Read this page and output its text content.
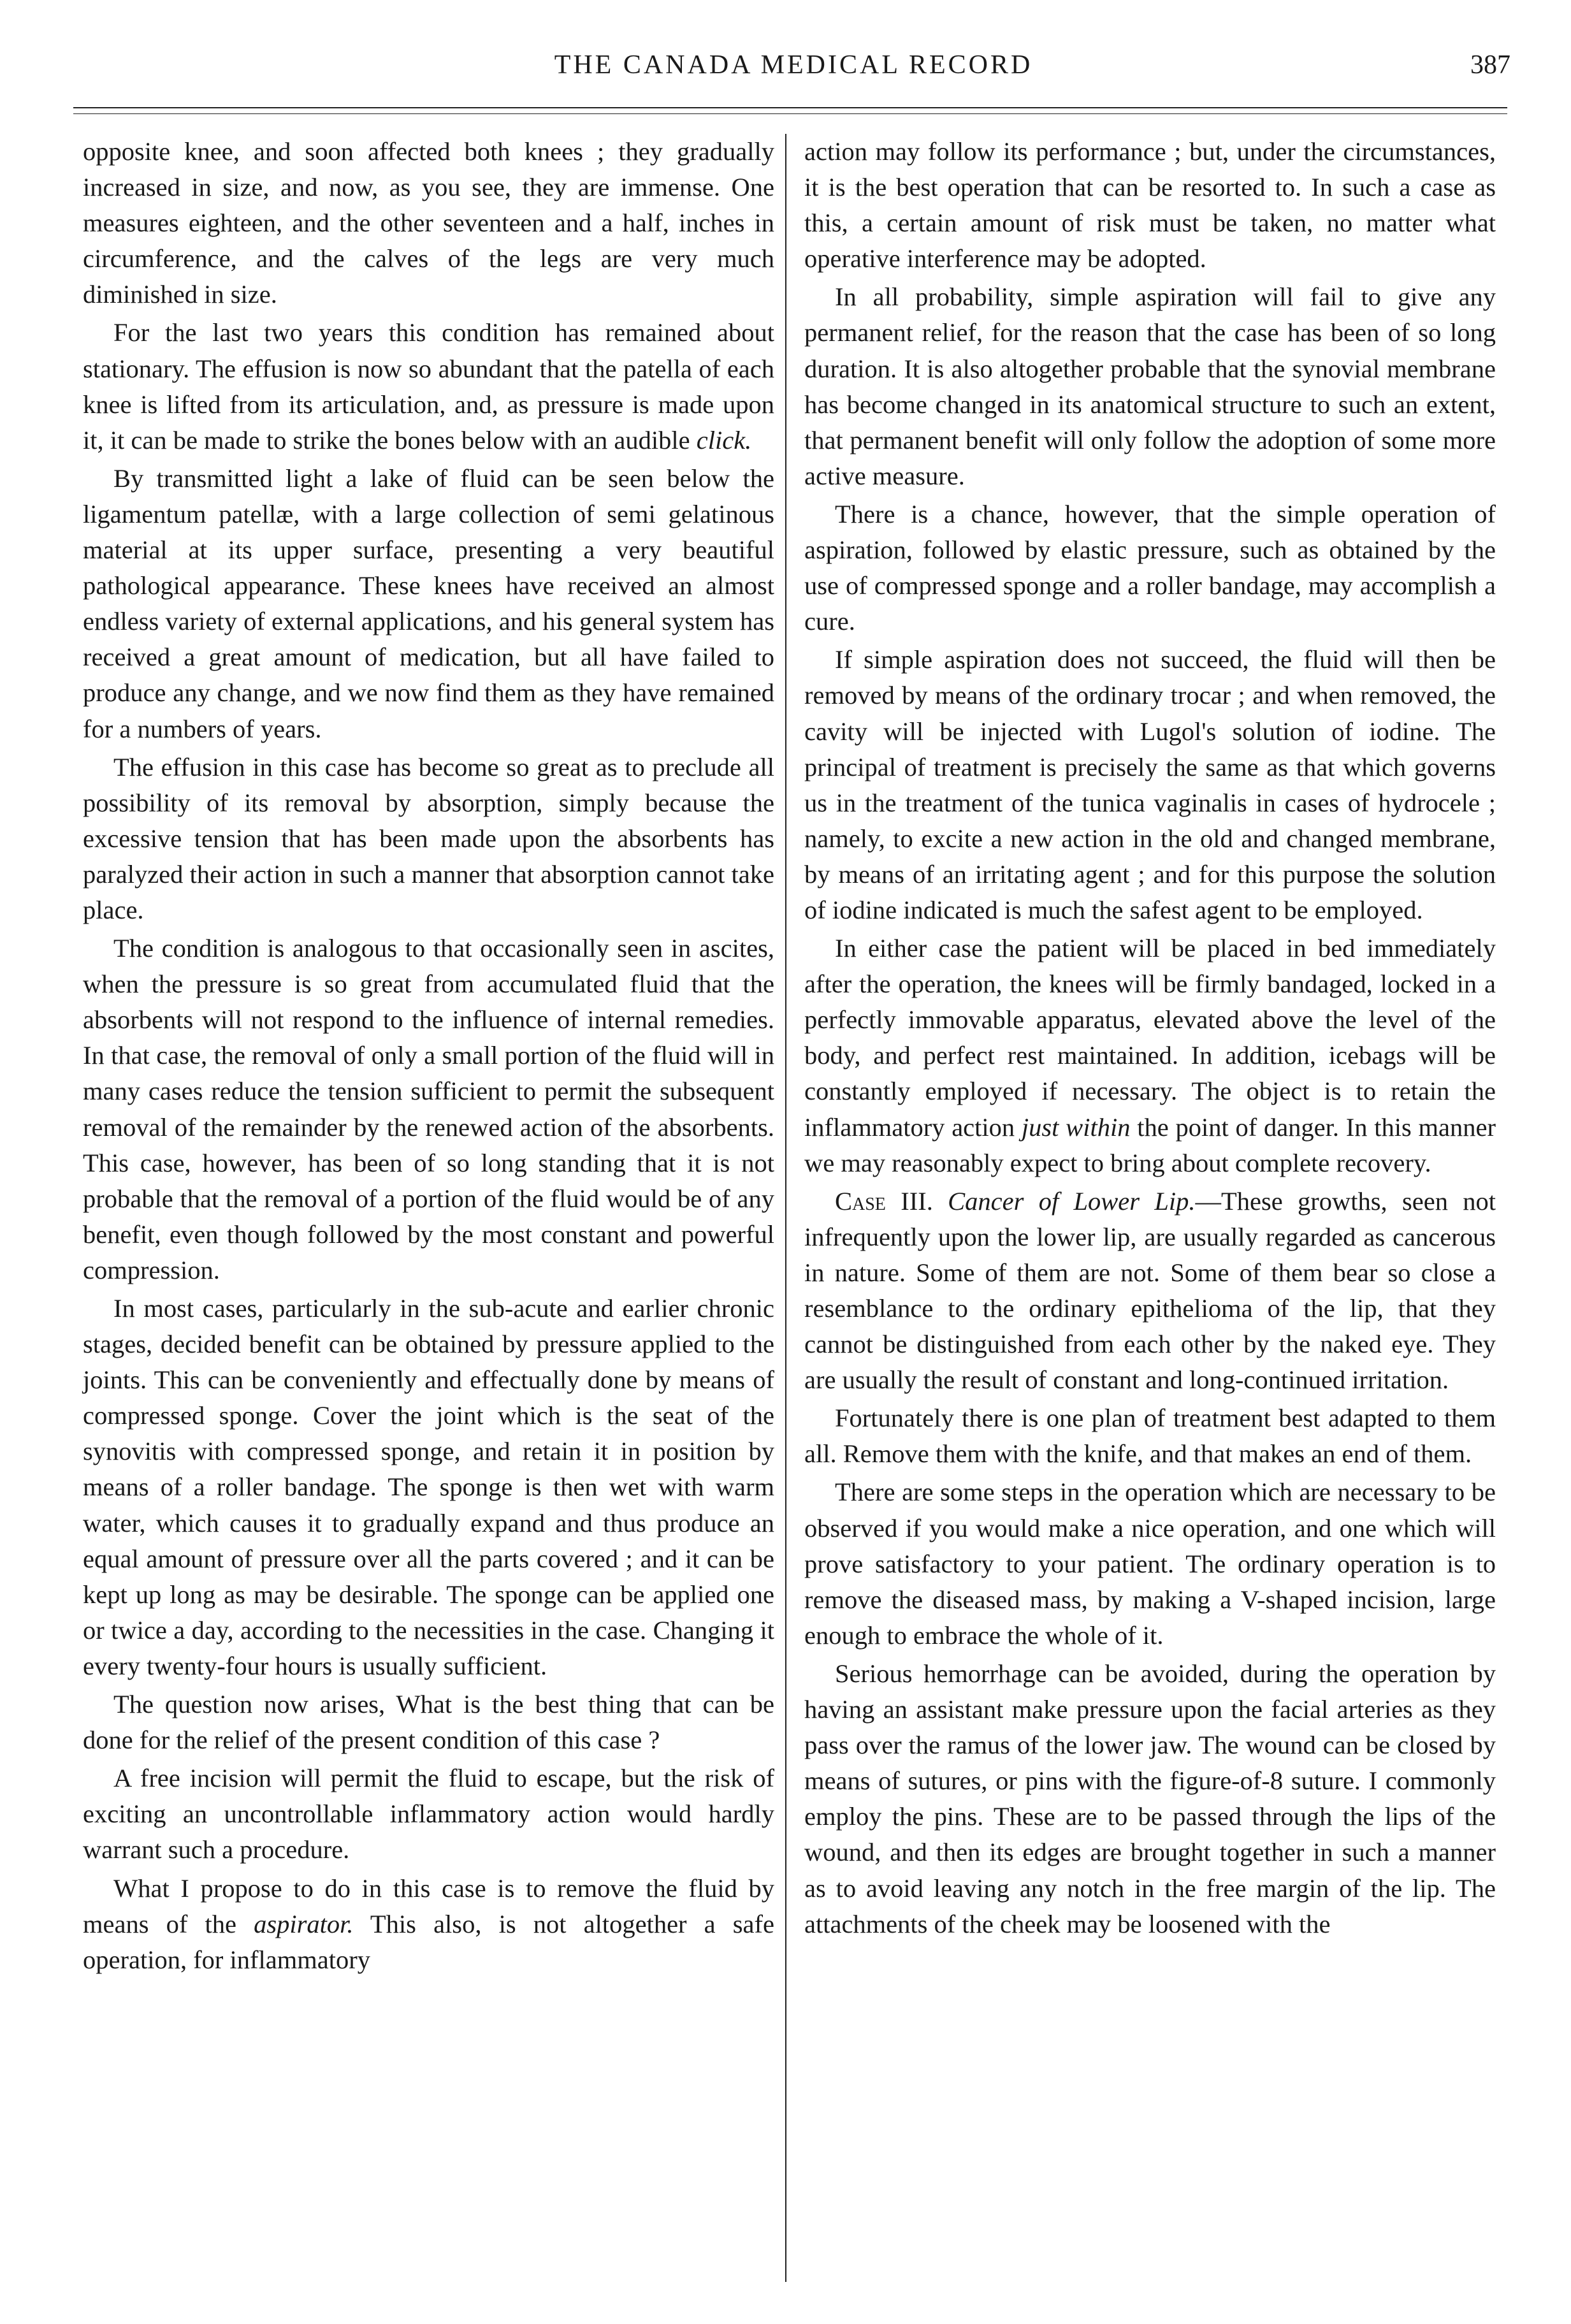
THE CANADA MEDICAL RECORD	387

opposite knee, and soon affected both knees ; they gradually increased in size, and now, as you see, they are immense. One measures eighteen, and the other seventeen and a half, inches in circumference, and the calves of the legs are very much diminished in size.

For the last two years this condition has remained about stationary. The effusion is now so abundant that the patella of each knee is lifted from its articulation, and, as pressure is made upon it, it can be made to strike the bones below with an audible click.

By transmitted light a lake of fluid can be seen below the ligamentum patellæ, with a large collection of semi gelatinous material at its upper surface, presenting a very beautiful pathological appearance. These knees have received an almost endless variety of external applications, and his general system has received a great amount of medication, but all have failed to produce any change, and we now find them as they have remained for a numbers of years.

The effusion in this case has become so great as to preclude all possibility of its removal by absorption, simply because the excessive tension that has been made upon the absorbents has paralyzed their action in such a manner that absorption cannot take place.

The condition is analogous to that occasionally seen in ascites, when the pressure is so great from accumulated fluid that the absorbents will not respond to the influence of internal remedies. In that case, the removal of only a small portion of the fluid will in many cases reduce the tension sufficient to permit the subsequent removal of the remainder by the renewed action of the absorbents. This case, however, has been of so long standing that it is not probable that the removal of a portion of the fluid would be of any benefit, even though followed by the most constant and powerful compression.

In most cases, particularly in the sub-acute and earlier chronic stages, decided benefit can be obtained by pressure applied to the joints. This can be conveniently and effectually done by means of compressed sponge. Cover the joint which is the seat of the synovitis with compressed sponge, and retain it in position by means of a roller bandage. The sponge is then wet with warm water, which causes it to gradually expand and thus produce an equal amount of pressure over all the parts covered ; and it can be kept up long as may be desirable. The sponge can be applied one or twice a day, according to the necessities in the case. Changing it every twenty-four hours is usually sufficient.

The question now arises, What is the best thing that can be done for the relief of the present condition of this case ?

A free incision will permit the fluid to escape, but the risk of exciting an uncontrollable inflammatory action would hardly warrant such a procedure.

What I propose to do in this case is to remove the fluid by means of the aspirator. This also, is not altogether a safe operation, for inflammatory

action may follow its performance ; but, under the circumstances, it is the best operation that can be resorted to. In such a case as this, a certain amount of risk must be taken, no matter what operative interference may be adopted.

In all probability, simple aspiration will fail to give any permanent relief, for the reason that the case has been of so long duration. It is also altogether probable that the synovial membrane has become changed in its anatomical structure to such an extent, that permanent benefit will only follow the adoption of some more active measure.

There is a chance, however, that the simple operation of aspiration, followed by elastic pressure, such as obtained by the use of compressed sponge and a roller bandage, may accomplish a cure.

If simple aspiration does not succeed, the fluid will then be removed by means of the ordinary trocar ; and when removed, the cavity will be injected with Lugol's solution of iodine. The principal of treatment is precisely the same as that which governs us in the treatment of the tunica vaginalis in cases of hydrocele ; namely, to excite a new action in the old and changed membrane, by means of an irritating agent ; and for this purpose the solution of iodine indicated is much the safest agent to be employed.

In either case the patient will be placed in bed immediately after the operation, the knees will be firmly bandaged, locked in a perfectly immovable apparatus, elevated above the level of the body, and perfect rest maintained. In addition, icebags will be constantly employed if necessary. The object is to retain the inflammatory action just within the point of danger. In this manner we may reasonably expect to bring about complete recovery.

Case III. Cancer of Lower Lip.—These growths, seen not infrequently upon the lower lip, are usually regarded as cancerous in nature. Some of them are not. Some of them bear so close a resemblance to the ordinary epithelioma of the lip, that they cannot be distinguished from each other by the naked eye. They are usually the result of constant and long-continued irritation.

Fortunately there is one plan of treatment best adapted to them all. Remove them with the knife, and that makes an end of them.

There are some steps in the operation which are necessary to be observed if you would make a nice operation, and one which will prove satisfactory to your patient. The ordinary operation is to remove the diseased mass, by making a V-shaped incision, large enough to embrace the whole of it.

Serious hemorrhage can be avoided, during the operation by having an assistant make pressure upon the facial arteries as they pass over the ramus of the lower jaw. The wound can be closed by means of sutures, or pins with the figure-of-8 suture. I commonly employ the pins. These are to be passed through the lips of the wound, and then its edges are brought together in such a manner as to avoid leaving any notch in the free margin of the lip. The attachments of the cheek may be loosened with the
